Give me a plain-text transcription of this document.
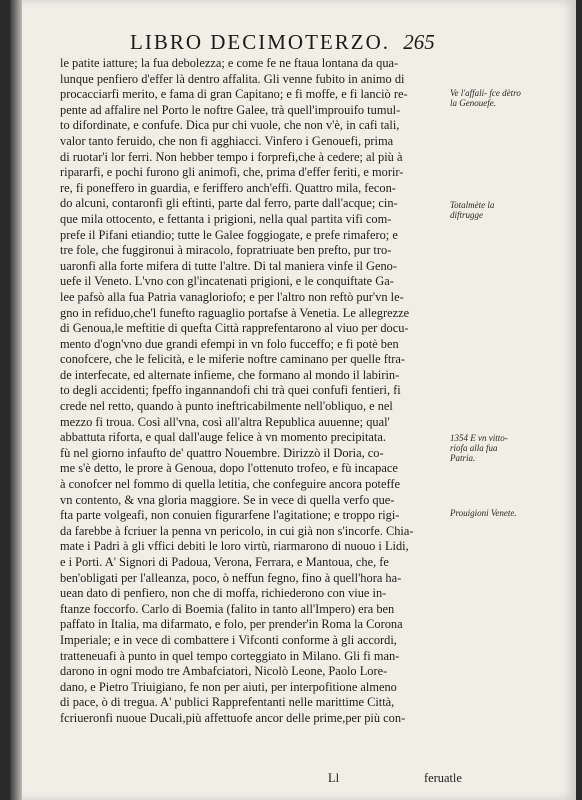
LIBRO DECIMOTERZO. 265
le patite iatture; la fua debolezza; e come fe ne ftaua lontana da qua-
lunque penfiero d'effer là dentro affalita. Gli venne fubito in animo di
procacciarfi merito, e fama di gran Capitano; e fi moffe, e fi lanciò re-
pente ad affalire nel Porto le noftre Galee, trà quell'improuifo tumul-
to difordinate, e confufe. Dica pur chi vuole, che non v'è, in cafi tali,
valor tanto feruido, che non fi agghiacci. Vinfero i Genouefi, prima
di ruotar'i lor ferri. Non hebber tempo i forprefi,che à cedere; al più à
ripararfi, e pochi furono gli animofi, che, prima d'effer feriti, e morir-
re, fi poneffero in guardia, e feriffero anch'effi. Quattro mila, fecon-
do alcuni, contaronfi gli eftinti, parte dal ferro, parte dall'acque; cin-
que mila ottocento, e fettanta i prigioni, nella qual partita vifi com-
prefe il Pifani etiandio; tutte le Galee foggiogate, e prefe rimafero; e
tre fole, che fuggironui à miracolo, fopratriuate ben prefto, pur tro-
uaronfi alla forte mifera di tutte l'altre. Di tal maniera vinfe il Geno-
uefe il Veneto. L'vno con gl'incatenati prigioni, e le conquiftate Ga-
lee pafsò alla fua Patria vanagloriofo; e per l'altro non reftò pur'vn le-
gno in refiduo,che'l funefto raguaglio portafse à Venetia. Le allegrezze
di Genoua,le meftitie di quefta Città rapprefentarono al viuo per docu-
mento d'ogn'vno due grandi efempi in vn folo fucceffo; e fi potè ben
conofcere, che le felicità, e le miferie noftre caminano per quelle ftra-
de interfecate, ed alternate infieme, che formano al mondo il labirin-
to degli accidenti; fpeffo ingannandofi chi trà quei confufi fentieri, fi
crede nel retto, quando à punto ineftricabilmente nell'obliquo, e nel
mezzo fi troua. Così all'vna, così all'altra Republica auuenne; qual'
abbattuta riforta, e qual dall'auge felice à vn momento precipitata.
fù nel giorno infaufto de' quattro Nouembre. Dirizzò il Doria, co-
me s'è detto, le prore à Genoua, dopo l'ottenuto trofeo, e fù incapace
à conofcer nel fommo di quella letitia, che confeguire ancora poteffe
vn contento, & vna gloria maggiore. Se in vece di quella verfo que-
fta parte volgeafi, non conuien figurarfene l'agitatione; e troppo rigi-
da farebbe à fcriuer la penna vn pericolo, in cui già non s'incorfe. Chia-
mate i Padri à gli vffici debiti le loro virtù, riarmarono di nuouo i Lidi,
e i Porti. A' Signori di Padoua, Verona, Ferrara, e Mantoua, che, fe
ben'obligati per l'alleanza, poco, ò neffun fegno, fino à quell'hora ha-
uean dato di penfiero, non che di moffa, richiederono con viue in-
ftanze foccorfo. Carlo di Boemia (falito in tanto all'Impero) era ben
paffato in Italia, ma difarmato, e folo, per prender'in Roma la Corona
Imperiale; e in vece di combattere i Vifconti conforme à gli accordi,
tratteneuafi à punto in quel tempo corteggiato in Milano. Gli fi man-
darono in ogni modo tre Ambafciatori, Nicolò Leone, Paolo Lore-
dano, e Pietro Triuigiano, fe non per aiuti, per interpofitione almeno
di pace, ò di tregua. A' publici Rapprefentanti nelle marittime Città,
fcriueronfi nuoue Ducali,più affettuofe ancor delle prime,per più con-
Ve l'affali- fce dètro la Genouefe.
Totalmète la diftrugge
1354 E vn vitto- riofa alla fua Patria.
Prouigioni Venete.
Ll	feruatle
